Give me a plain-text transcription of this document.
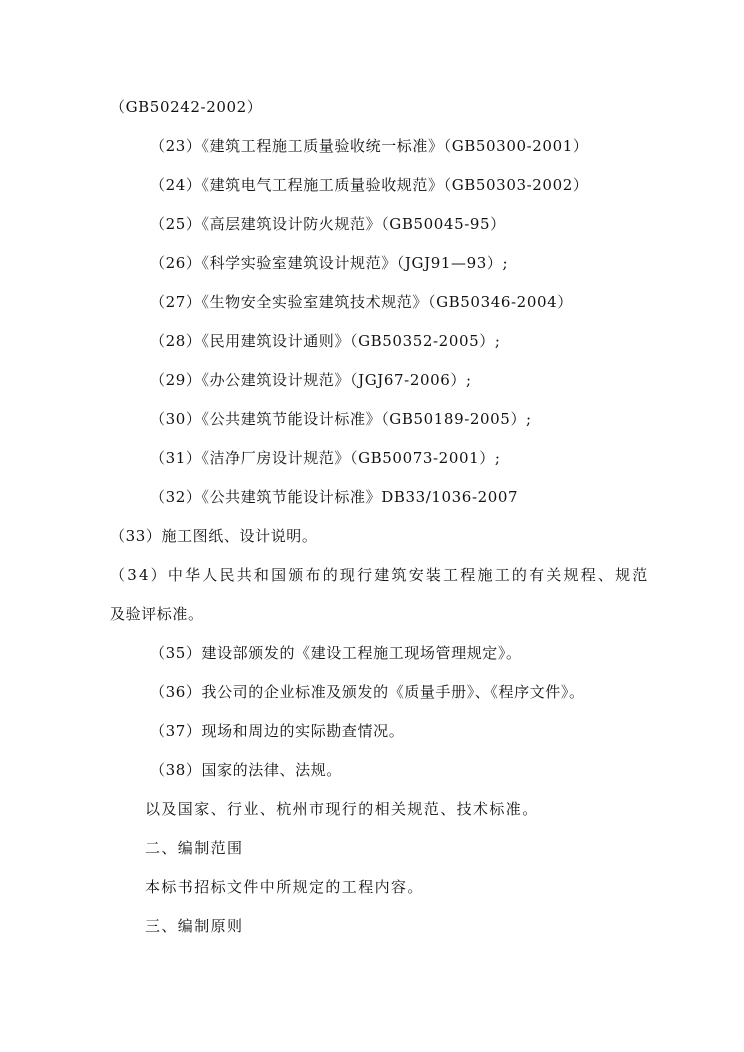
（GB50242-2002）
（23）《建筑工程施工质量验收统一标准》（GB50300-2001）
（24）《建筑电气工程施工质量验收规范》（GB50303-2002）
（25）《高层建筑设计防火规范》（GB50045-95）
（26）《科学实验室建筑设计规范》（JGJ91—93）;
（27）《生物安全实验室建筑技术规范》（GB50346-2004）
（28）《民用建筑设计通则》（GB50352-2005）;
（29）《办公建筑设计规范》（JGJ67-2006）;
（30）《公共建筑节能设计标准》（GB50189-2005）;
（31）《洁净厂房设计规范》（GB50073-2001）;
（32）《公共建筑节能设计标准》DB33/1036-2007
（33）施工图纸、设计说明。
（34）中华人民共和国颁布的现行建筑安装工程施工的有关规程、规范
及验评标准。
（35）建设部颁发的《建设工程施工现场管理规定》。
（36）我公司的企业标准及颁发的《质量手册》、《程序文件》。
（37）现场和周边的实际勘查情况。
（38）国家的法律、法规。
以及国家、行业、杭州市现行的相关规范、技术标准。
二、编制范围
本标书招标文件中所规定的工程内容。
三、编制原则
